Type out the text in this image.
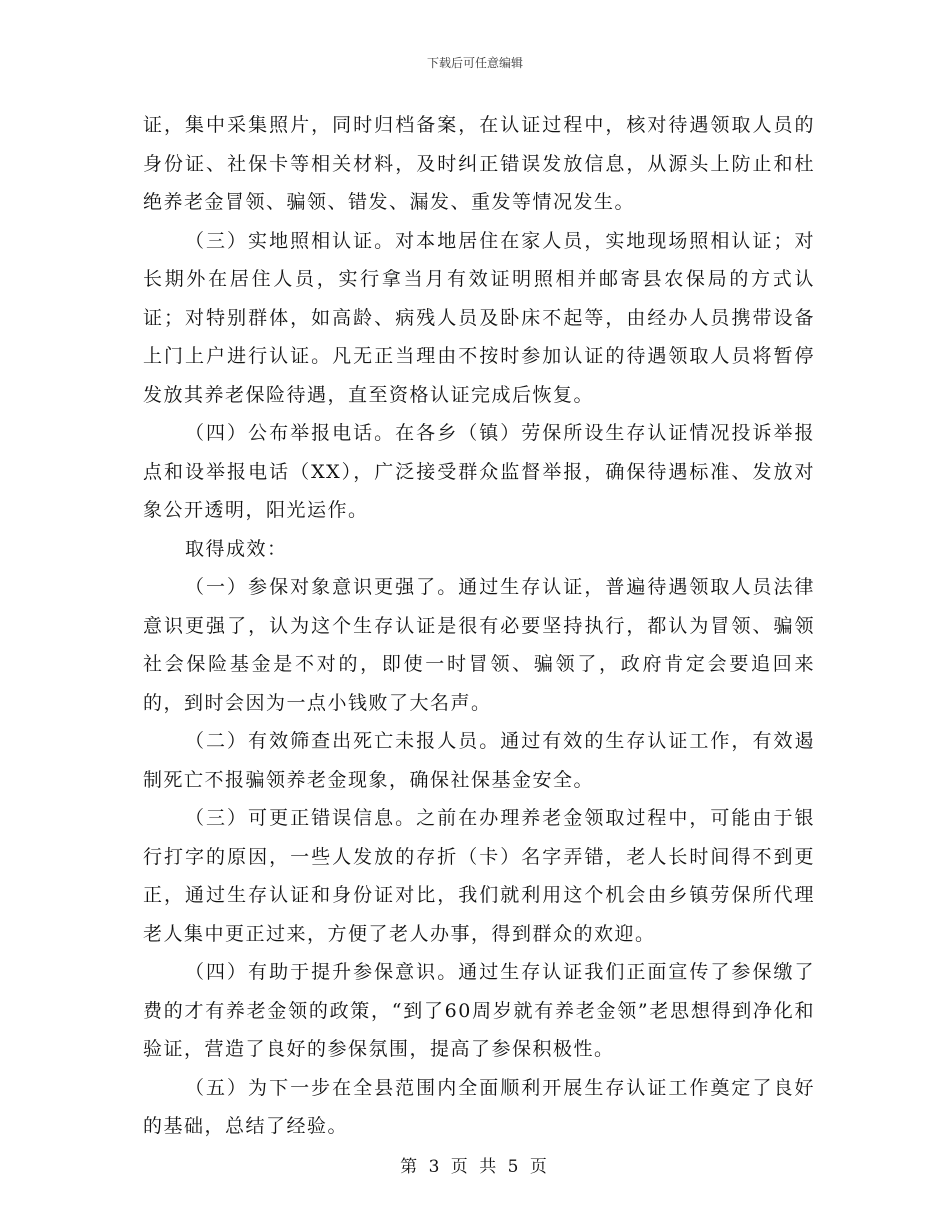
下载后可任意编辑

证，集中采集照片，同时归档备案，在认证过程中，核对待遇领取人员的身份证、社保卡等相关材料，及时纠正错误发放信息，从源头上防止和杜绝养老金冒领、骗领、错发、漏发、重发等情况发生。

（三）实地照相认证。对本地居住在家人员，实地现场照相认证；对长期外在居住人员，实行拿当月有效证明照相并邮寄县农保局的方式认证；对特别群体，如高龄、病残人员及卧床不起等，由经办人员携带设备上门上户进行认证。凡无正当理由不按时参加认证的待遇领取人员将暂停发放其养老保险待遇，直至资格认证完成后恢复。

（四）公布举报电话。在各乡（镇）劳保所设生存认证情况投诉举报点和设举报电话（XX），广泛接受群众监督举报，确保待遇标准、发放对象公开透明，阳光运作。

取得成效：

（一）参保对象意识更强了。通过生存认证，普遍待遇领取人员法律意识更强了，认为这个生存认证是很有必要坚持执行，都认为冒领、骗领社会保险基金是不对的，即使一时冒领、骗领了，政府肯定会要追回来的，到时会因为一点小钱败了大名声。

（二）有效筛查出死亡未报人员。通过有效的生存认证工作，有效遏制死亡不报骗领养老金现象，确保社保基金安全。

（三）可更正错误信息。之前在办理养老金领取过程中，可能由于银行打字的原因，一些人发放的存折（卡）名字弄错，老人长时间得不到更正，通过生存认证和身份证对比，我们就利用这个机会由乡镇劳保所代理老人集中更正过来，方便了老人办事，得到群众的欢迎。

（四）有助于提升参保意识。通过生存认证我们正面宣传了参保缴了费的才有养老金领的政策，“到了60周岁就有养老金领”老思想得到净化和验证，营造了良好的参保氛围，提高了参保积极性。

（五）为下一步在全县范围内全面顺利开展生存认证工作奠定了良好的基础，总结了经验。

第 3 页 共 5 页
